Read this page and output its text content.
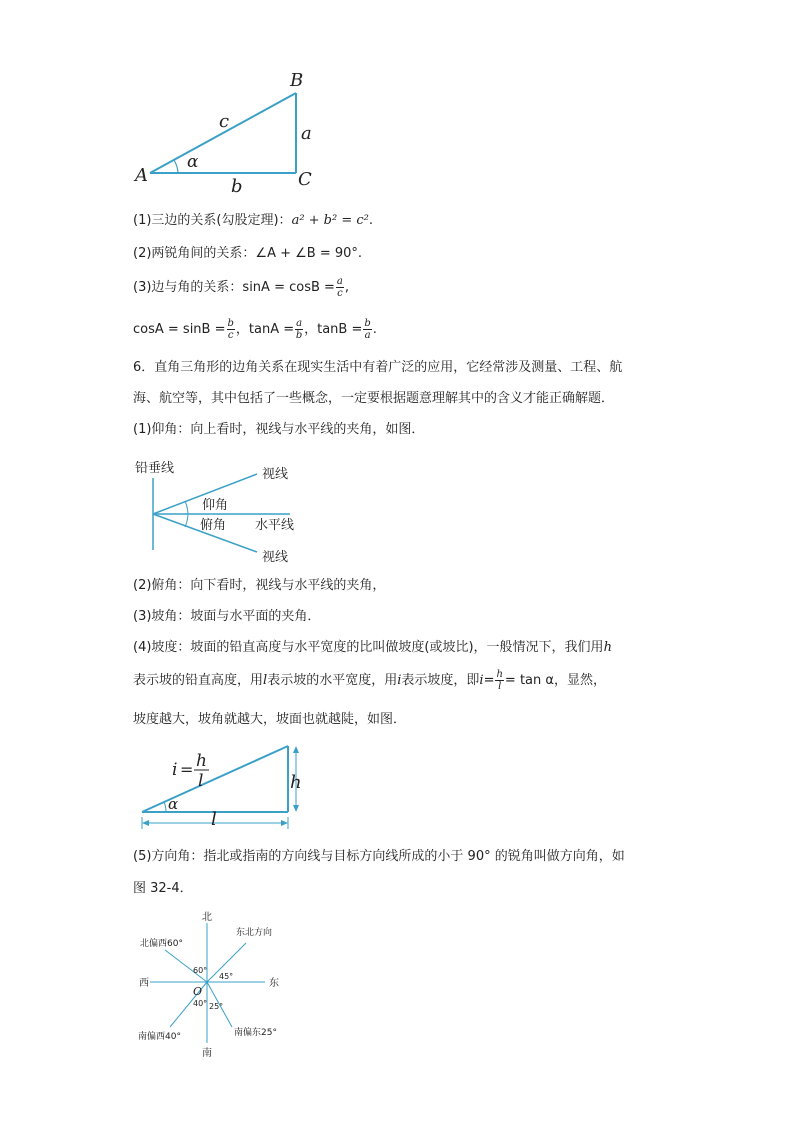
B
A	C
c
a
b
α
(1)三边的关系(勾股定理)：a² + b² = c².
(2)两锐角间的关系：∠A + ∠B = 90°.
(3)边与角的关系：$\sin A = \cos B = \frac{a}{c}$ ,
$\cos A = \sin B = \frac{b}{c}$ ，$\tan A = \frac{a}{b}$ ，$\tan B = \frac{b}{a}$ .
6．直角三角形的边角关系在现实生活中有着广泛的应用，它经常涉及测量、工程、航
海、航空等，其中包括了一些概念，一定要根据题意理解其中的含义才能正确解题．
(1)仰角：向上看时，视线与水平线的夹角，如图．
铅垂线	视线
仰角
俯角 水平线
视线
(2)俯角：向下看时，视线与水平线的夹角，
(3)坡角：坡面与水平面的夹角．
(4)坡度：坡面的铅直高度与水平宽度的比叫做坡度(或坡比)，一般情况下，我们用h
表示坡的铅直高度，用l表示坡的水平宽度，用i表示坡度，即$i= \frac{h}{l} = \tan \alpha$，显然，
坡度越大，坡角就越大，坡面也就越陡，如图．
i = h
l	h
l
α
(5)方向角：指北或指南的方向线与目标方向线所成的小于 90° 的锐角叫做方向角，如
图 32-4．
北
南
东
西
O
北偏西60°
东北方向
南偏西40°	南偏东25°
60°
45°
40° 25°
